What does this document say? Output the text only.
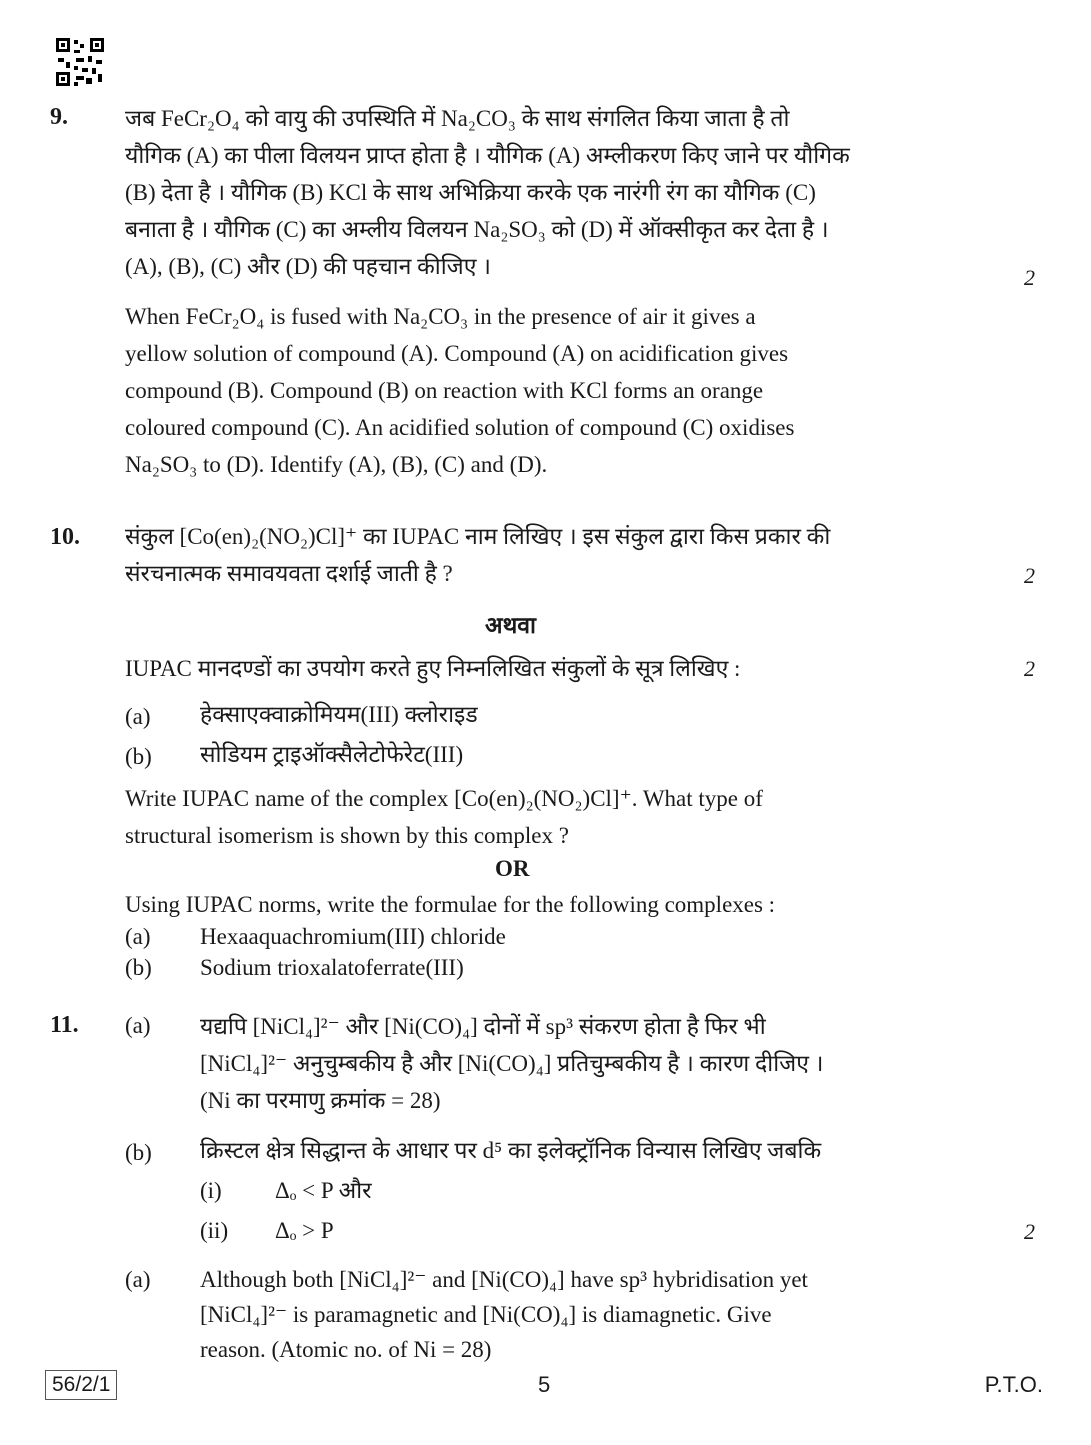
9. जब FeCr₂O₄ को वायु की उपस्थिति में Na₂CO₃ के साथ संगलित किया जाता है तो
यौगिक (A) का पीला विलयन प्राप्त होता है । यौगिक (A) अम्लीकरण किए जाने पर यौगिक
(B) देता है । यौगिक (B) KCl के साथ अभिक्रिया करके एक नारंगी रंग का यौगिक (C)
बनाता है । यौगिक (C) का अम्लीय विलयन Na₂SO₃ को (D) में ऑक्सीकृत कर देता है ।
(A), (B), (C) और (D) की पहचान कीजिए ।	2
When FeCr₂O₄ is fused with Na₂CO₃ in the presence of air it gives a
yellow solution of compound (A). Compound (A) on acidification gives
compound (B). Compound (B) on reaction with KCl forms an orange
coloured compound (C). An acidified solution of compound (C) oxidises
Na₂SO₃ to (D). Identify (A), (B), (C) and (D).
10. संकुल [Co(en)₂(NO₂)Cl]⁺ का IUPAC नाम लिखिए । इस संकुल द्वारा किस प्रकार की
संरचनात्मक समावयवता दर्शाई जाती है ?	2
अथवा
IUPAC मानदण्डों का उपयोग करते हुए निम्नलिखित संकुलों के सूत्र लिखिए :	2
(a) हेक्साएक्वाक्रोमियम(III) क्लोराइड
(b) सोडियम ट्राइऑक्सैलेटोफेरेट(III)
Write IUPAC name of the complex [Co(en)₂(NO₂)Cl]⁺. What type of
structural isomerism is shown by this complex ?
OR
Using IUPAC norms, write the formulae for the following complexes :
(a) Hexaaquachromium(III) chloride
(b) Sodium trioxalatoferrate(III)
11. (a) यद्यपि [NiCl₄]²⁻ और [Ni(CO)₄] दोनों में sp³ संकरण होता है फिर भी
[NiCl₄]²⁻ अनुचुम्बकीय है और [Ni(CO)₄] प्रतिचुम्बकीय है । कारण दीजिए ।
(Ni का परमाणु क्रमांक = 28)
(b) क्रिस्टल क्षेत्र सिद्धान्त के आधार पर d⁵ का इलेक्ट्रॉनिक विन्यास लिखिए जबकि
(i) Δₒ < P और
(ii) Δₒ > P	2
(a) Although both [NiCl₄]²⁻ and [Ni(CO)₄] have sp³ hybridisation yet
[NiCl₄]²⁻ is paramagnetic and [Ni(CO)₄] is diamagnetic. Give
reason. (Atomic no. of Ni = 28)
56/2/1	5	P.T.O.
